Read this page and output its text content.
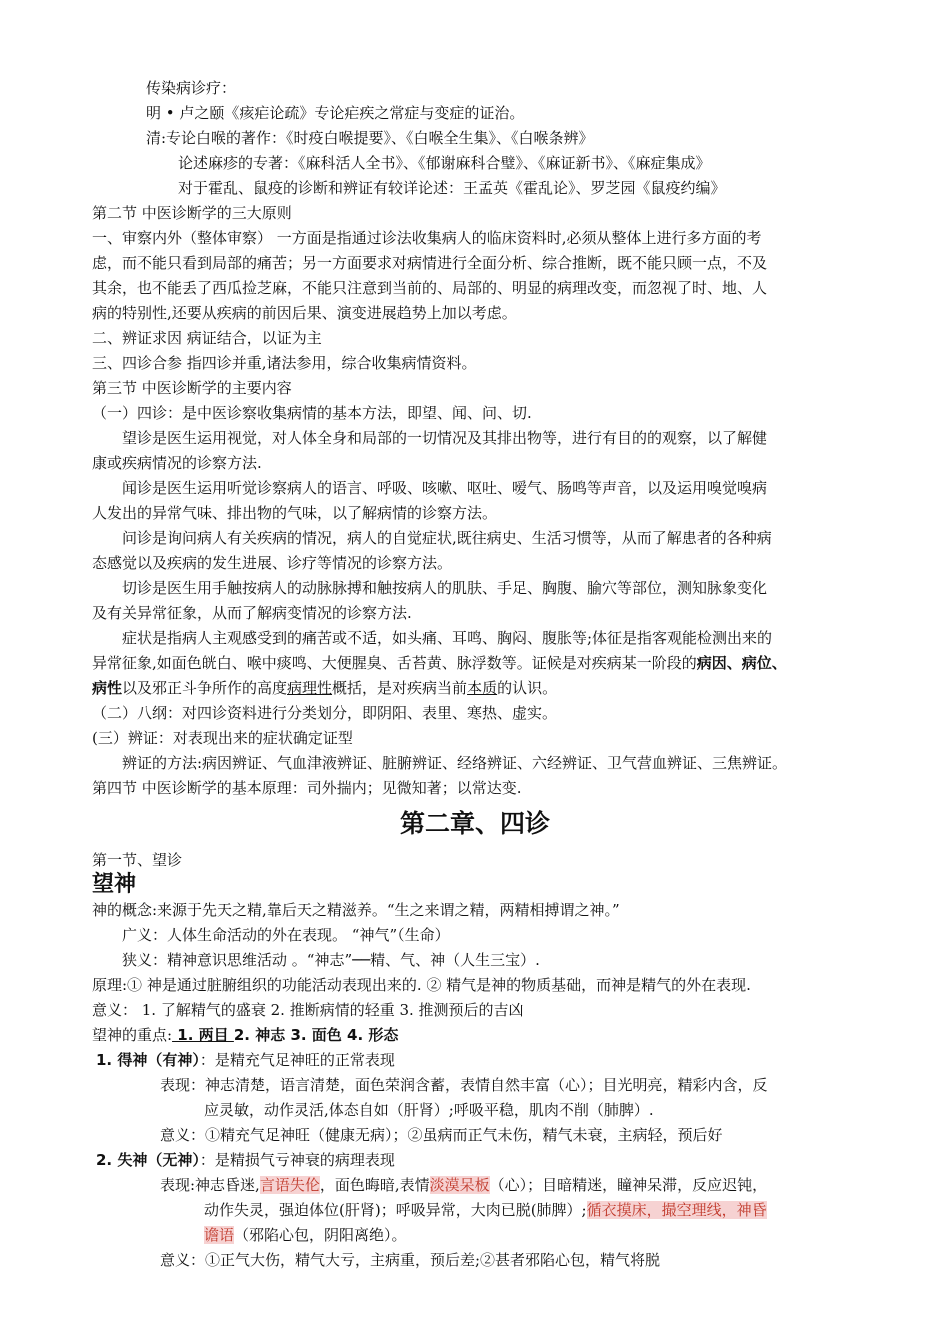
传染病诊疗：
明 • 卢之颐《痎疟论疏》专论疟疾之常症与变症的证治。
清:专论白喉的著作：《时疫白喉提要》、《白喉全生集》、《白喉条辨》
论述麻疹的专著：《麻科活人全书》、《郁谢麻科合璧》、《麻证新书》、《麻症集成》
对于霍乱、鼠疫的诊断和辨证有较详论述：王孟英《霍乱论》、罗芝园《鼠疫约编》
第二节 中医诊断学的三大原则
一、审察内外（整体审察） 一方面是指通过诊法收集病人的临床资料时,必须从整体上进行多方面的考
虑，而不能只看到局部的痛苦；另一方面要求对病情进行全面分析、综合推断，既不能只顾一点，不及
其余，也不能丢了西瓜捡芝麻，不能只注意到当前的、局部的、明显的病理改变，而忽视了时、地、人
病的特别性,还要从疾病的前因后果、演变进展趋势上加以考虑。
二、辨证求因 病证结合，以证为主
三、四诊合参 指四诊并重,诸法参用，综合收集病情资料。
第三节 中医诊断学的主要内容
（一）四诊：是中医诊察收集病情的基本方法，即望、闻、问、切.
望诊是医生运用视觉，对人体全身和局部的一切情况及其排出物等，进行有目的的观察，以了解健
康或疾病情况的诊察方法.
闻诊是医生运用听觉诊察病人的语言、呼吸、咳嗽、呕吐、嗳气、肠鸣等声音，以及运用嗅觉嗅病
人发出的异常气味、排出物的气味，以了解病情的诊察方法。
问诊是询问病人有关疾病的情况，病人的自觉症状,既往病史、生活习惯等，从而了解患者的各种病
态感觉以及疾病的发生进展、诊疗等情况的诊察方法。
切诊是医生用手触按病人的动脉脉搏和触按病人的肌肤、手足、胸腹、腧穴等部位，测知脉象变化
及有关异常征象，从而了解病变情况的诊察方法.
症状是指病人主观感受到的痛苦或不适，如头痛、耳鸣、胸闷、腹胀等;体征是指客观能检测出来的
异常征象,如面色㿠白、喉中痰鸣、大便腥臭、舌苔黄、脉浮数等。证候是对疾病某一阶段的病因、病位、
病性以及邪正斗争所作的高度病理性概括，是对疾病当前本质的认识。
（二）八纲：对四诊资料进行分类划分，即阴阳、表里、寒热、虚实。
(三）辨证：对表现出来的症状确定证型
辨证的方法:病因辨证、气血津液辨证、脏腑辨证、经络辨证、六经辨证、卫气营血辨证、三焦辨证。
第四节 中医诊断学的基本原理：司外揣内；见微知著；以常达变.
第二章、四诊
第一节、望诊
望神
神的概念:来源于先天之精,靠后天之精滋养。“生之来谓之精，两精相搏谓之神。”
广义：人体生命活动的外在表现。 “神气”（生命）
狭义：精神意识思维活动 。“神志”──精、气、神（人生三宝）.
原理:① 神是通过脏腑组织的功能活动表现出来的. ② 精气是神的物质基础，而神是精气的外在表现.
意义： 1. 了解精气的盛衰 2. 推断病情的轻重 3. 推测预后的吉凶
望神的重点: 1. 两目 2. 神志 3. 面色 4. 形态
1. 得神（有神）：是精充气足神旺的正常表现
表现：神志清楚，语言清楚，面色荣润含蓄，表情自然丰富（心）；目光明亮，精彩内含，反
应灵敏，动作灵活,体态自如（肝肾）;呼吸平稳，肌肉不削（肺脾）.
意义：①精充气足神旺（健康无病）；②虽病而正气未伤，精气未衰，主病轻，预后好
2. 失神（无神）：是精损气亏神衰的病理表现
表现:神志昏迷,言语失伦，面色晦暗,表情淡漠呆板（心）；目暗精迷，瞳神呆滞，反应迟钝，
动作失灵，强迫体位(肝肾)；呼吸异常，大肉已脱(肺脾）;循衣摸床，撮空理线，神昏
谵语（邪陷心包，阴阳离绝）。
意义：①正气大伤，精气大亏，主病重，预后差;②甚者邪陷心包，精气将脱
